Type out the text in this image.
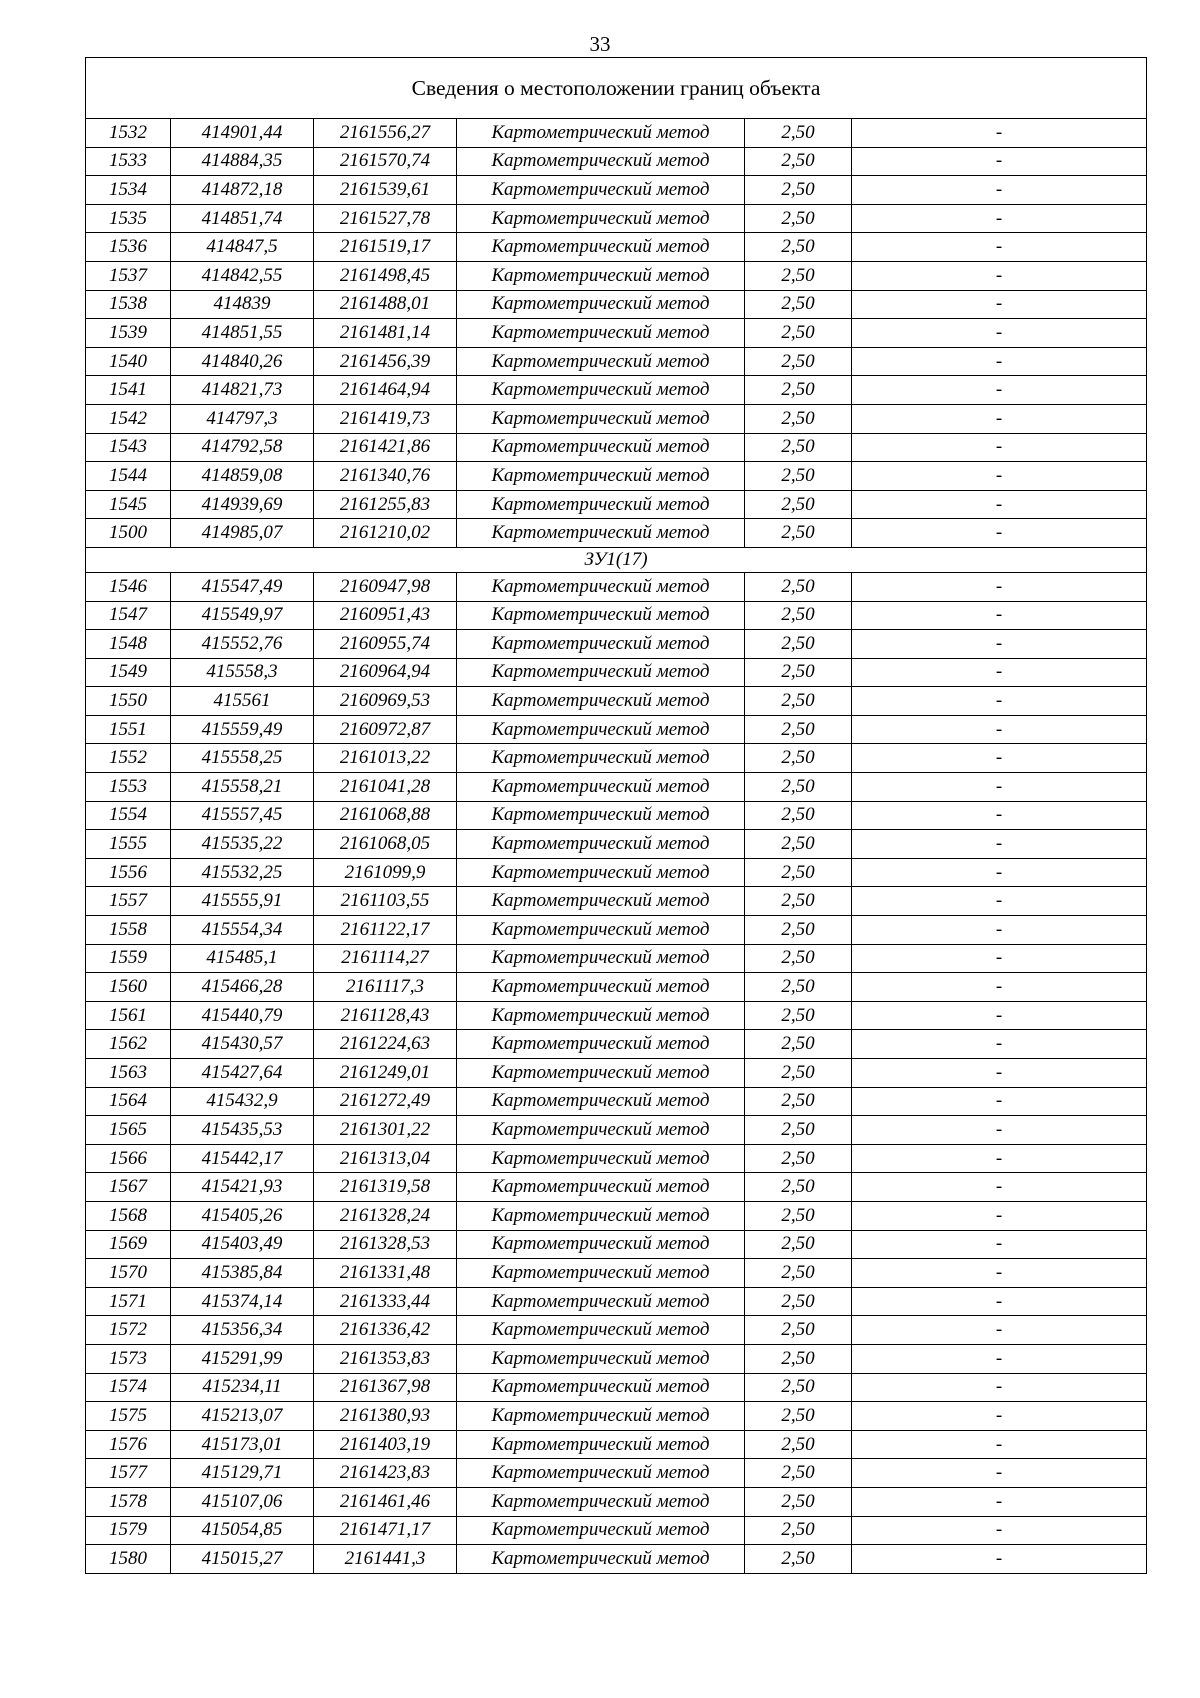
33
Сведения о местоположении границ объекта					
1532	414901,44	2161556,27	Картометрический метод	2,50	-
1533	414884,35	2161570,74	Картометрический метод	2,50	-
1534	414872,18	2161539,61	Картометрический метод	2,50	-
1535	414851,74	2161527,78	Картометрический метод	2,50	-
1536	414847,5	2161519,17	Картометрический метод	2,50	-
1537	414842,55	2161498,45	Картометрический метод	2,50	-
1538	414839	2161488,01	Картометрический метод	2,50	-
1539	414851,55	2161481,14	Картометрический метод	2,50	-
1540	414840,26	2161456,39	Картометрический метод	2,50	-
1541	414821,73	2161464,94	Картометрический метод	2,50	-
1542	414797,3	2161419,73	Картометрический метод	2,50	-
1543	414792,58	2161421,86	Картометрический метод	2,50	-
1544	414859,08	2161340,76	Картометрический метод	2,50	-
1545	414939,69	2161255,83	Картометрический метод	2,50	-
1500	414985,07	2161210,02	Картометрический метод	2,50	-
ЗУ1(17)					
1546	415547,49	2160947,98	Картометрический метод	2,50	-
1547	415549,97	2160951,43	Картометрический метод	2,50	-
1548	415552,76	2160955,74	Картометрический метод	2,50	-
1549	415558,3	2160964,94	Картометрический метод	2,50	-
1550	415561	2160969,53	Картометрический метод	2,50	-
1551	415559,49	2160972,87	Картометрический метод	2,50	-
1552	415558,25	2161013,22	Картометрический метод	2,50	-
1553	415558,21	2161041,28	Картометрический метод	2,50	-
1554	415557,45	2161068,88	Картометрический метод	2,50	-
1555	415535,22	2161068,05	Картометрический метод	2,50	-
1556	415532,25	2161099,9	Картометрический метод	2,50	-
1557	415555,91	2161103,55	Картометрический метод	2,50	-
1558	415554,34	2161122,17	Картометрический метод	2,50	-
1559	415485,1	2161114,27	Картометрический метод	2,50	-
1560	415466,28	2161117,3	Картометрический метод	2,50	-
1561	415440,79	2161128,43	Картометрический метод	2,50	-
1562	415430,57	2161224,63	Картометрический метод	2,50	-
1563	415427,64	2161249,01	Картометрический метод	2,50	-
1564	415432,9	2161272,49	Картометрический метод	2,50	-
1565	415435,53	2161301,22	Картометрический метод	2,50	-
1566	415442,17	2161313,04	Картометрический метод	2,50	-
1567	415421,93	2161319,58	Картометрический метод	2,50	-
1568	415405,26	2161328,24	Картометрический метод	2,50	-
1569	415403,49	2161328,53	Картометрический метод	2,50	-
1570	415385,84	2161331,48	Картометрический метод	2,50	-
1571	415374,14	2161333,44	Картометрический метод	2,50	-
1572	415356,34	2161336,42	Картометрический метод	2,50	-
1573	415291,99	2161353,83	Картометрический метод	2,50	-
1574	415234,11	2161367,98	Картометрический метод	2,50	-
1575	415213,07	2161380,93	Картометрический метод	2,50	-
1576	415173,01	2161403,19	Картометрический метод	2,50	-
1577	415129,71	2161423,83	Картометрический метод	2,50	-
1578	415107,06	2161461,46	Картометрический метод	2,50	-
1579	415054,85	2161471,17	Картометрический метод	2,50	-
1580	415015,27	2161441,3	Картометрический метод	2,50	-
